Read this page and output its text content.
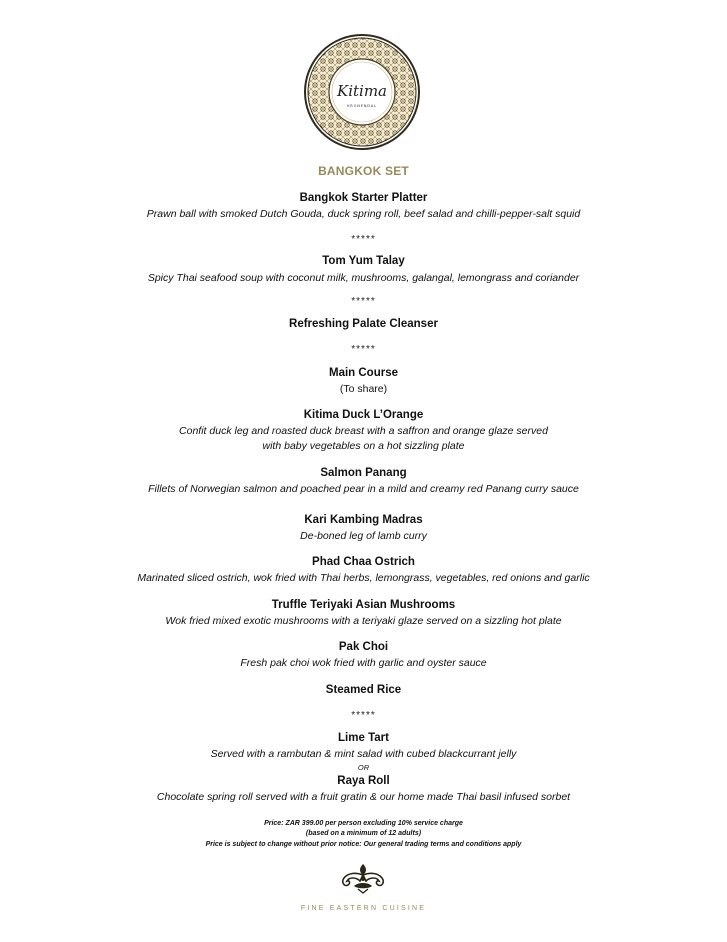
Kitima
KRONENDAL
BANGKOK SET
Bangkok Starter Platter
Prawn ball with smoked Dutch Gouda, duck spring roll, beef salad and chilli-pepper-salt squid
*****
Tom Yum Talay
Spicy Thai seafood soup with coconut milk, mushrooms, galangal, lemongrass and coriander
*****
Refreshing Palate Cleanser
*****
Main Course
(To share)
Kitima Duck L’Orange
Confit duck leg and roasted duck breast with a saffron and orange glaze served
with baby vegetables on a hot sizzling plate
Salmon Panang
Fillets of Norwegian salmon and poached pear in a mild and creamy red Panang curry sauce
Kari Kambing Madras
De-boned leg of lamb curry
Phad Chaa Ostrich
Marinated sliced ostrich, wok fried with Thai herbs, lemongrass, vegetables, red onions and garlic
Truffle Teriyaki Asian Mushrooms
Wok fried mixed exotic mushrooms with a teriyaki glaze served on a sizzling hot plate
Pak Choi
Fresh pak choi wok fried with garlic and oyster sauce
Steamed Rice
*****
Lime Tart
Served with a rambutan & mint salad with cubed blackcurrant jelly
OR
Raya Roll
Chocolate spring roll served with a fruit gratin & our home made Thai basil infused sorbet
Price: ZAR 399.00 per person excluding 10% service charge
(based on a minimum of 12 adults)
Price is subject to change without prior notice: Our general trading terms and conditions apply
FINE EASTERN CUISINE
